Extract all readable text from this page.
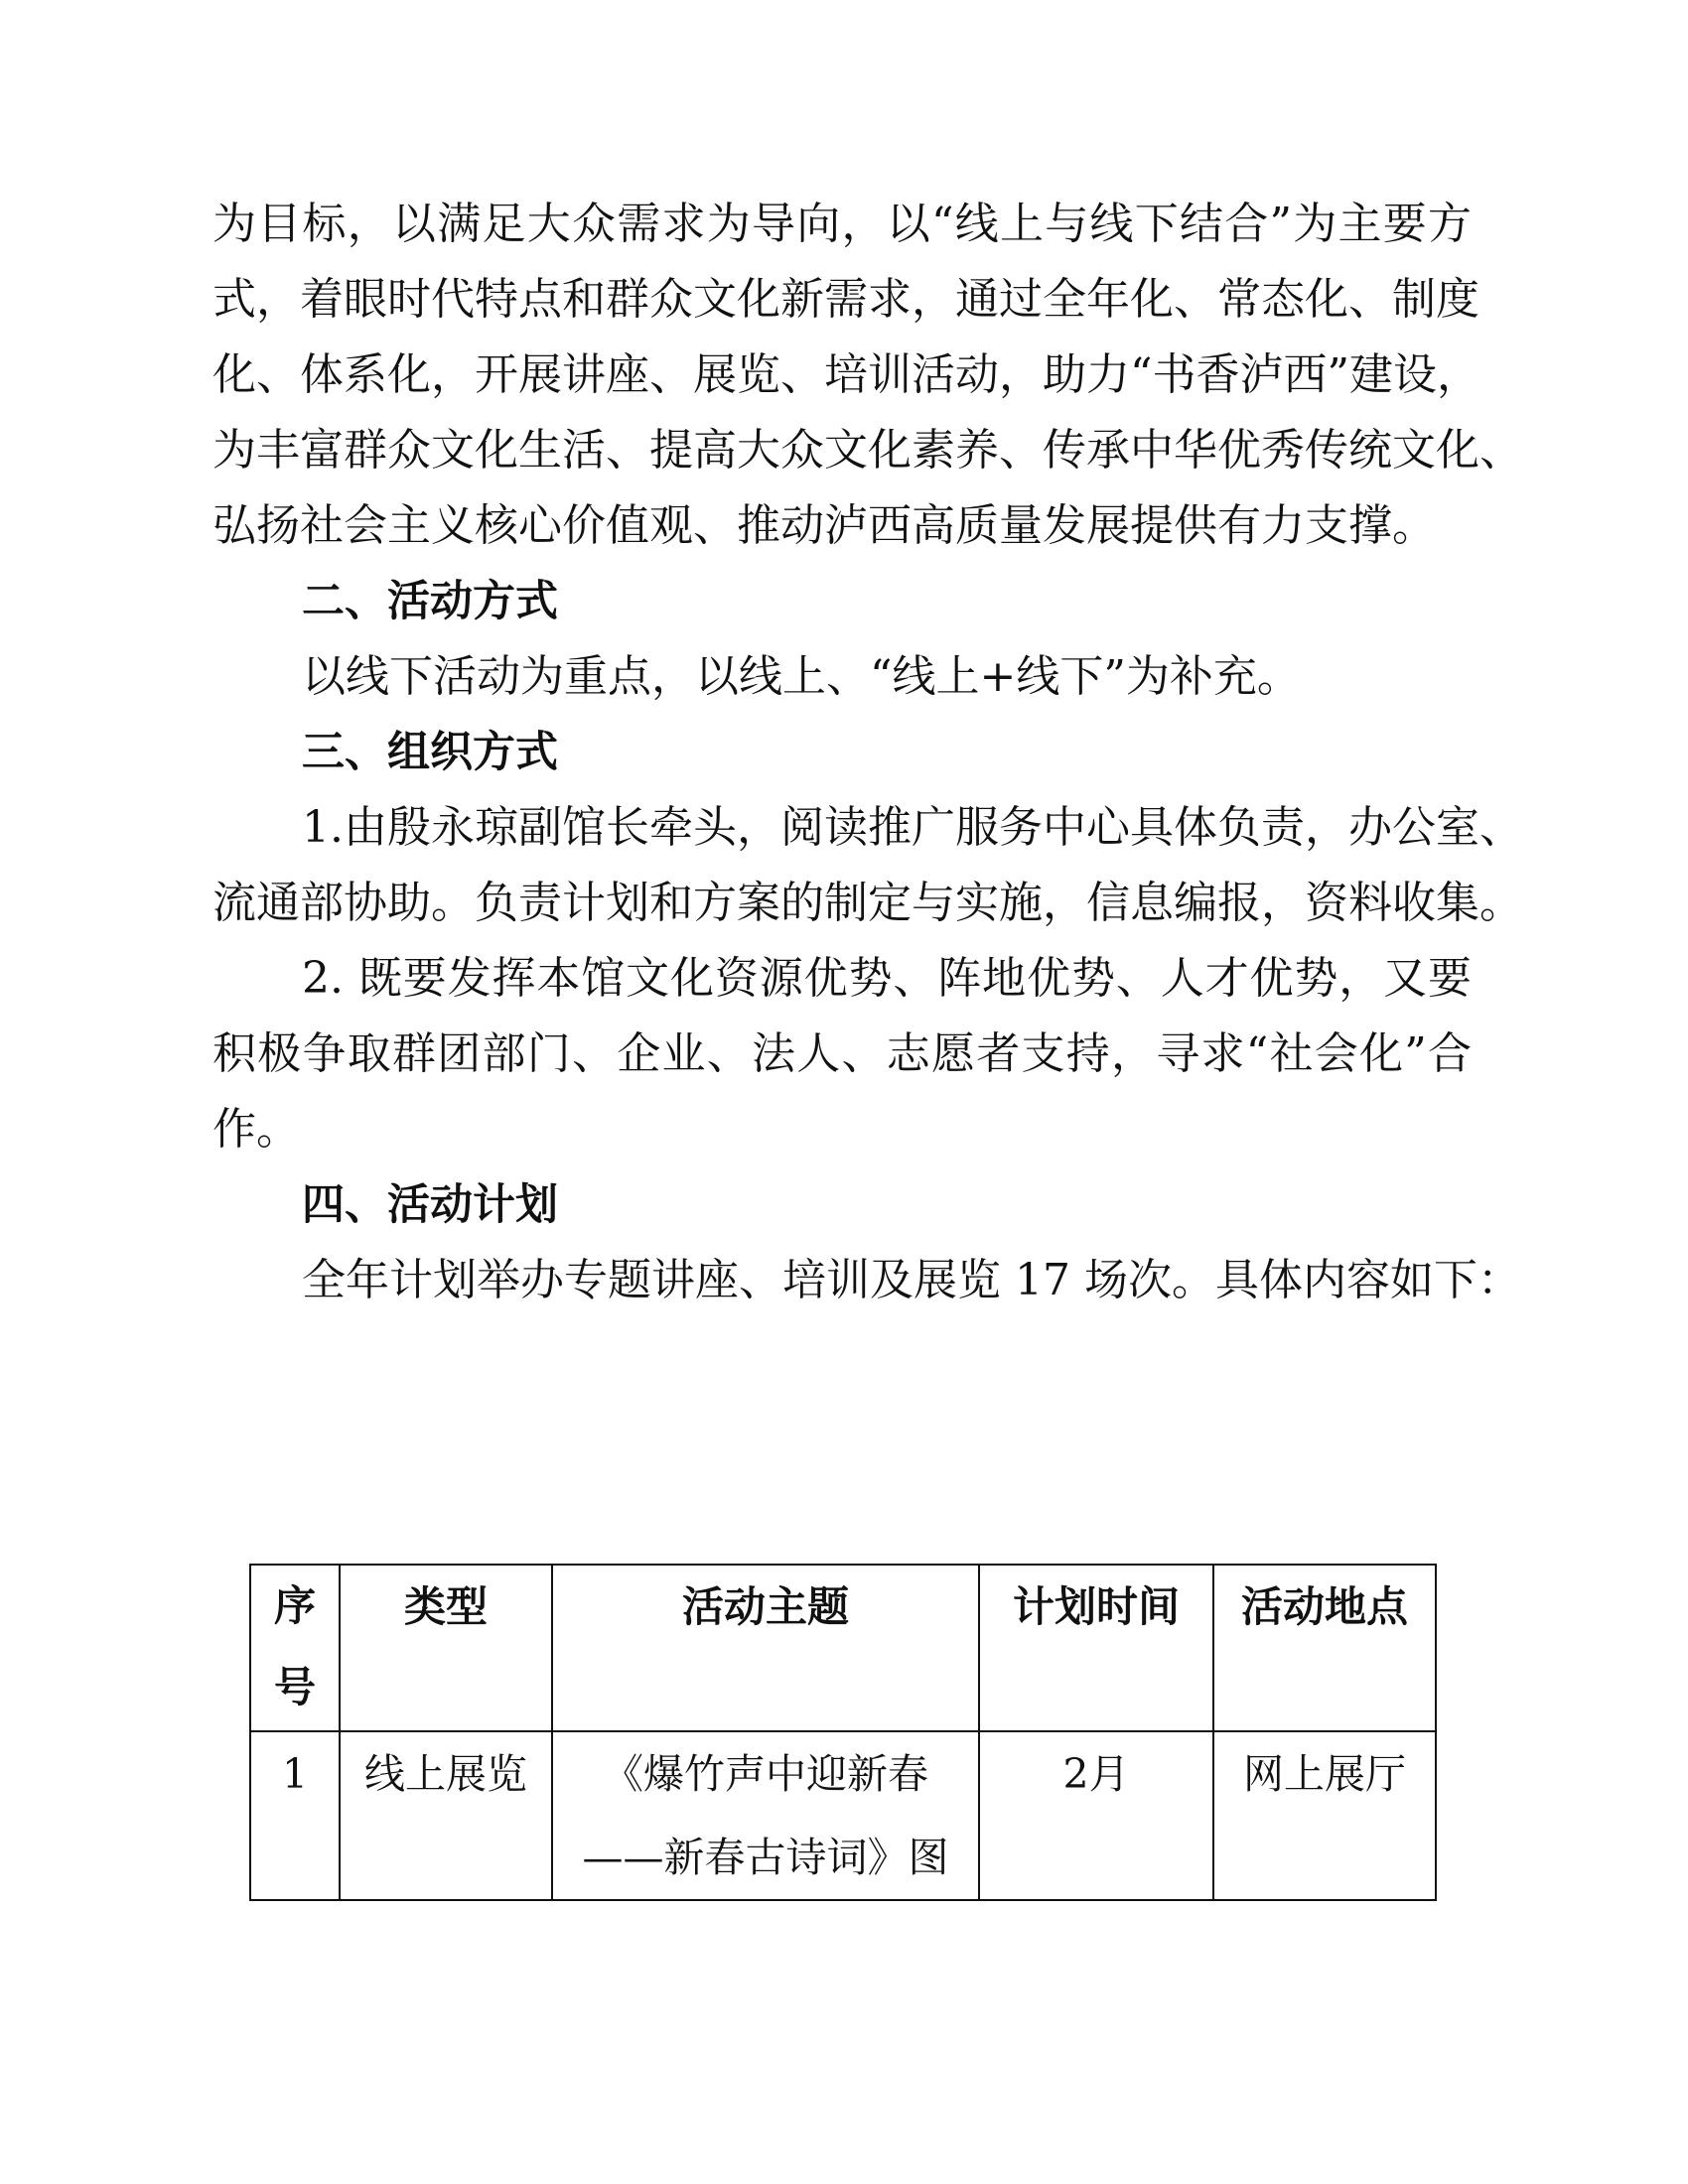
为目标，以满足大众需求为导向，以“线上与线下结合”为主要方
式，着眼时代特点和群众文化新需求，通过全年化、常态化、制度
化、体系化，开展讲座、展览、培训活动，助力“书香泸西”建设，
为丰富群众文化生活、提高大众文化素养、传承中华优秀传统文化、
弘扬社会主义核心价值观、推动泸西高质量发展提供有力支撑。
二、活动方式
以线下活动为重点，以线上、“线上+线下”为补充。
三、组织方式
1.由殷永琼副馆长牵头，阅读推广服务中心具体负责，办公室、
流通部协助。负责计划和方案的制定与实施，信息编报，资料收集。
2. 既要发挥本馆文化资源优势、阵地优势、人才优势，又要
积极争取群团部门、企业、法人、志愿者支持，寻求“社会化”合
作。
四、活动计划
全年计划举办专题讲座、培训及展览 17 场次。具体内容如下：
序号	类型	活动主题	计划时间	活动地点
1	线上展览	《爆竹声中迎新春——新春古诗词》图	2月	网上展厅
